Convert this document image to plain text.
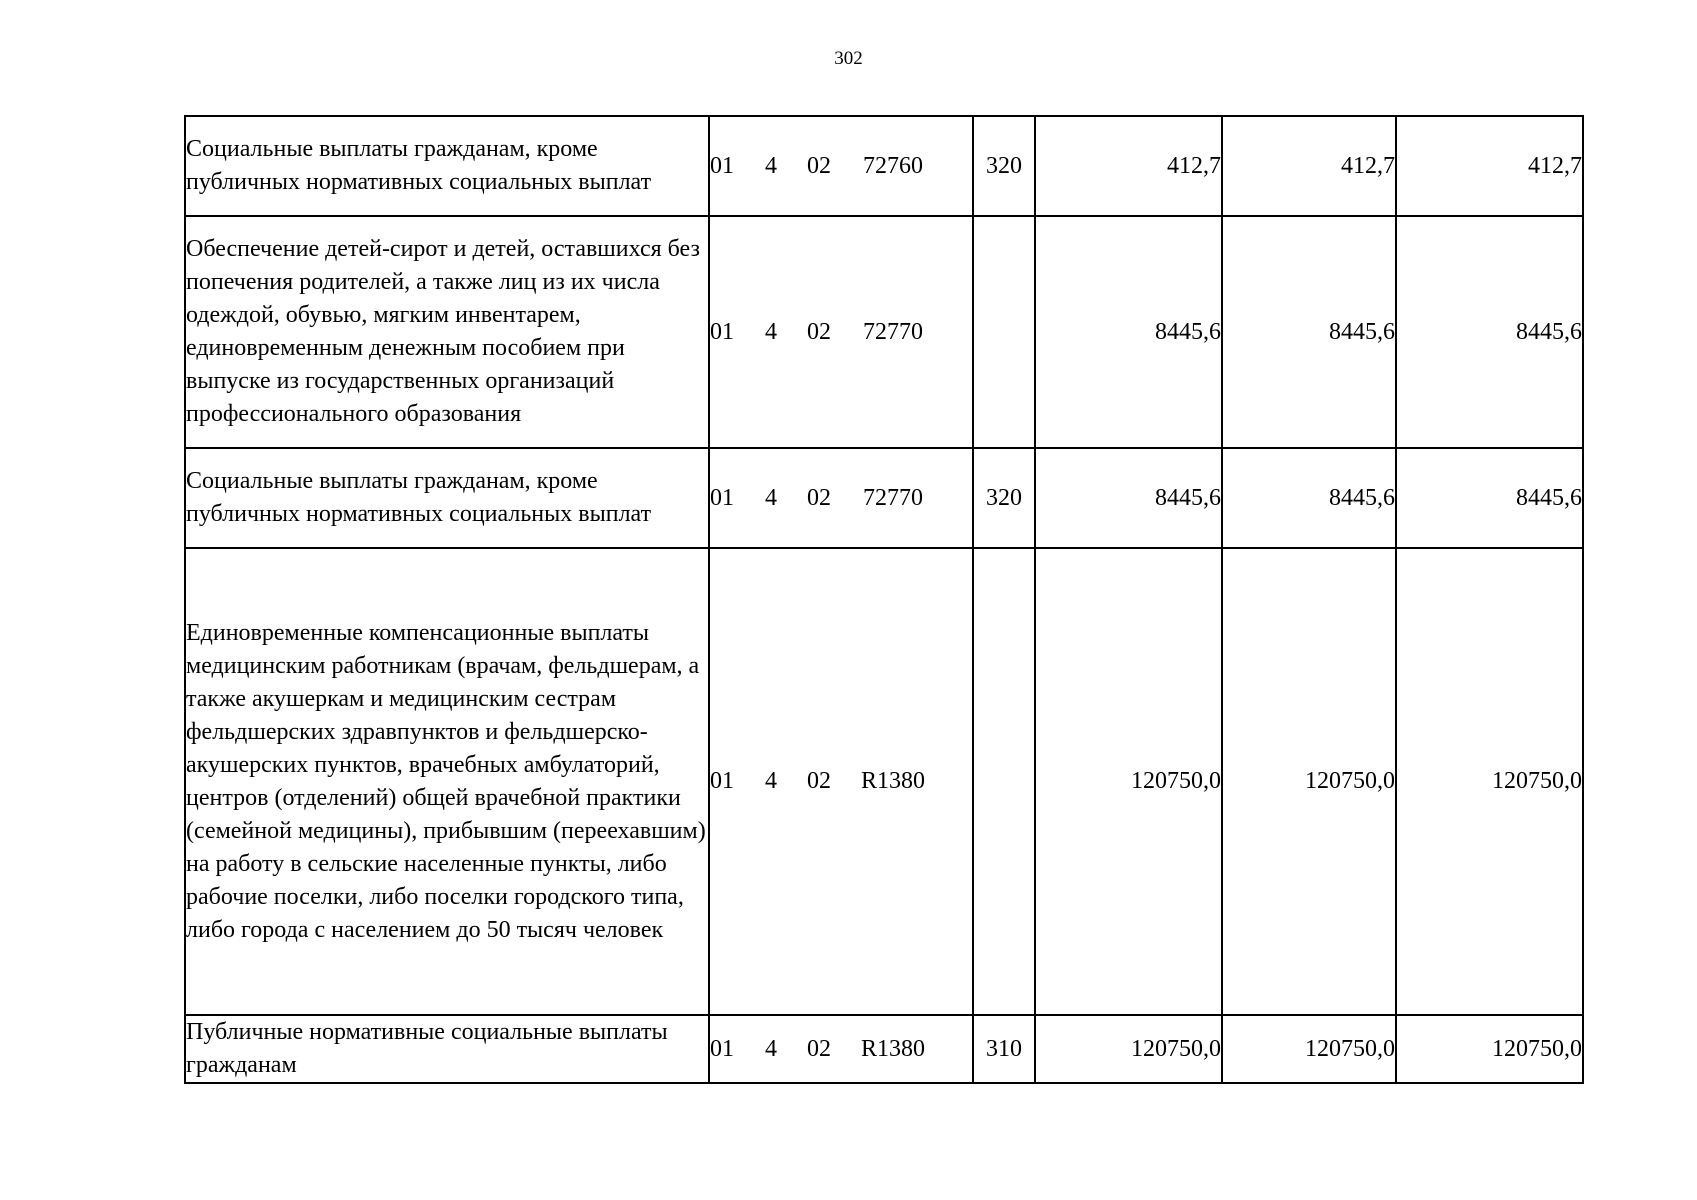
302
Социальные выплаты гражданам, кроме публичных нормативных социальных выплат	01 4 02 72760	320	412,7	412,7	412,7
Обеспечение детей-сирот и детей, оставшихся без попечения родителей, а также лиц из их числа одеждой, обувью, мягким инвентарем, единовременным денежным пособием при выпуске из государственных организаций профессионального образования	01 4 02 72770		8445,6	8445,6	8445,6
Социальные выплаты гражданам, кроме публичных нормативных социальных выплат	01 4 02 72770	320	8445,6	8445,6	8445,6
Единовременные компенсационные выплаты медицинским работникам (врачам, фельдшерам, а также акушеркам и медицинским сестрам фельдшерских здравпунктов и фельдшерско-акушерских пунктов, врачебных амбулаторий, центров (отделений) общей врачебной практики (семейной медицины), прибывшим (переехавшим) на работу в сельские населенные пункты, либо рабочие поселки, либо поселки городского типа, либо города с населением до 50 тысяч человек	01 4 02 R1380		120750,0	120750,0	120750,0
Публичные нормативные социальные выплаты гражданам	01 4 02 R1380	310	120750,0	120750,0	120750,0
